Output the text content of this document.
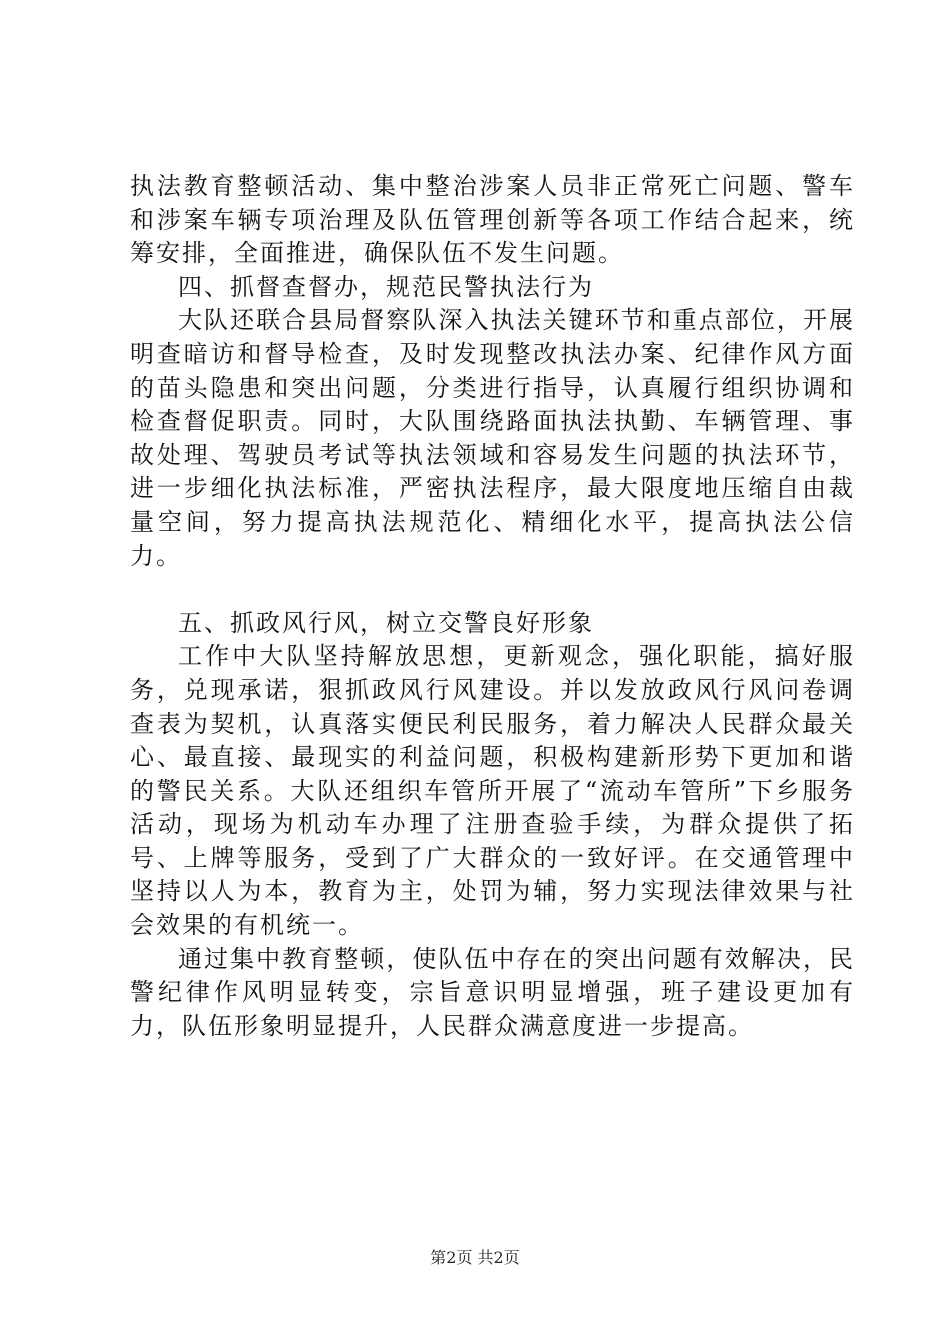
执法教育整顿活动、集中整治涉案人员非正常死亡问题、警车和涉案车辆专项治理及队伍管理创新等各项工作结合起来，统筹安排，全面推进，确保队伍不发生问题。

四、抓督查督办，规范民警执法行为

大队还联合县局督察队深入执法关键环节和重点部位，开展明查暗访和督导检查，及时发现整改执法办案、纪律作风方面的苗头隐患和突出问题，分类进行指导，认真履行组织协调和检查督促职责。同时，大队围绕路面执法执勤、车辆管理、事故处理、驾驶员考试等执法领域和容易发生问题的执法环节，进一步细化执法标准，严密执法程序，最大限度地压缩自由裁量空间，努力提高执法规范化、精细化水平，提高执法公信力。

五、抓政风行风，树立交警良好形象

工作中大队坚持解放思想，更新观念，强化职能，搞好服务，兑现承诺，狠抓政风行风建设。并以发放政风行风问卷调查表为契机，认真落实便民利民服务，着力解决人民群众最关心、最直接、最现实的利益问题，积极构建新形势下更加和谐的警民关系。大队还组织车管所开展了“流动车管所”下乡服务活动，现场为机动车办理了注册查验手续，为群众提供了拓号、上牌等服务，受到了广大群众的一致好评。在交通管理中坚持以人为本，教育为主，处罚为辅，努力实现法律效果与社会效果的有机统一。

通过集中教育整顿，使队伍中存在的突出问题有效解决，民警纪律作风明显转变，宗旨意识明显增强，班子建设更加有力，队伍形象明显提升，人民群众满意度进一步提高。

第2页 共2页
